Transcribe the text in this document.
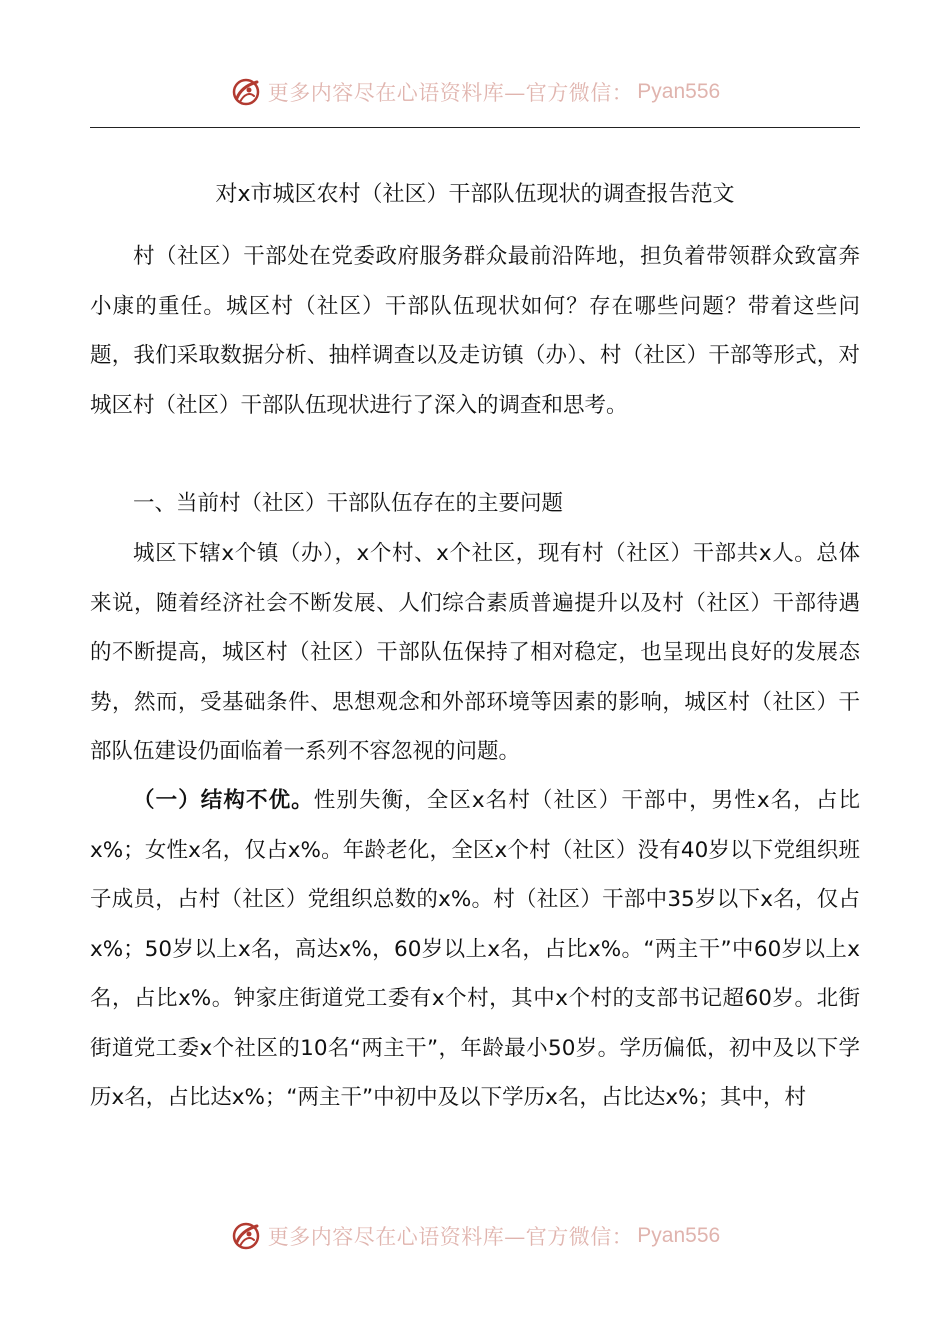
更多内容尽在心语资料库—官方微信： Pyan556
对x市城区农村（社区）干部队伍现状的调查报告范文

村（社区）干部处在党委政府服务群众最前沿阵地，担负着带领群众致富奔小康的重任。城区村（社区）干部队伍现状如何？存在哪些问题？带着这些问题，我们采取数据分析、抽样调查以及走访镇（办）、村（社区）干部等形式，对城区村（社区）干部队伍现状进行了深入的调查和思考。

一、当前村（社区）干部队伍存在的主要问题

城区下辖x个镇（办），x个村、x个社区，现有村（社区）干部共x人。总体来说，随着经济社会不断发展、人们综合素质普遍提升以及村（社区）干部待遇的不断提高，城区村（社区）干部队伍保持了相对稳定，也呈现出良好的发展态势，然而，受基础条件、思想观念和外部环境等因素的影响，城区村（社区）干部队伍建设仍面临着一系列不容忽视的问题。

（一）结构不优。性别失衡，全区x名村（社区）干部中，男性x名，占比x%；女性x名，仅占x%。年龄老化，全区x个村（社区）没有40岁以下党组织班子成员，占村（社区）党组织总数的x%。村（社区）干部中35岁以下x名，仅占x%；50岁以上x名，高达x%，60岁以上x名，占比x%。“两主干”中60岁以上x名，占比x%。钟家庄街道党工委有x个村，其中x个村的支部书记超60岁。北街街道党工委x个社区的10名“两主干”，年龄最小50岁。学历偏低，初中及以下学历x名，占比达x%；“两主干”中初中及以下学历x名，占比达x%；其中，村

更多内容尽在心语资料库—官方微信： Pyan556
